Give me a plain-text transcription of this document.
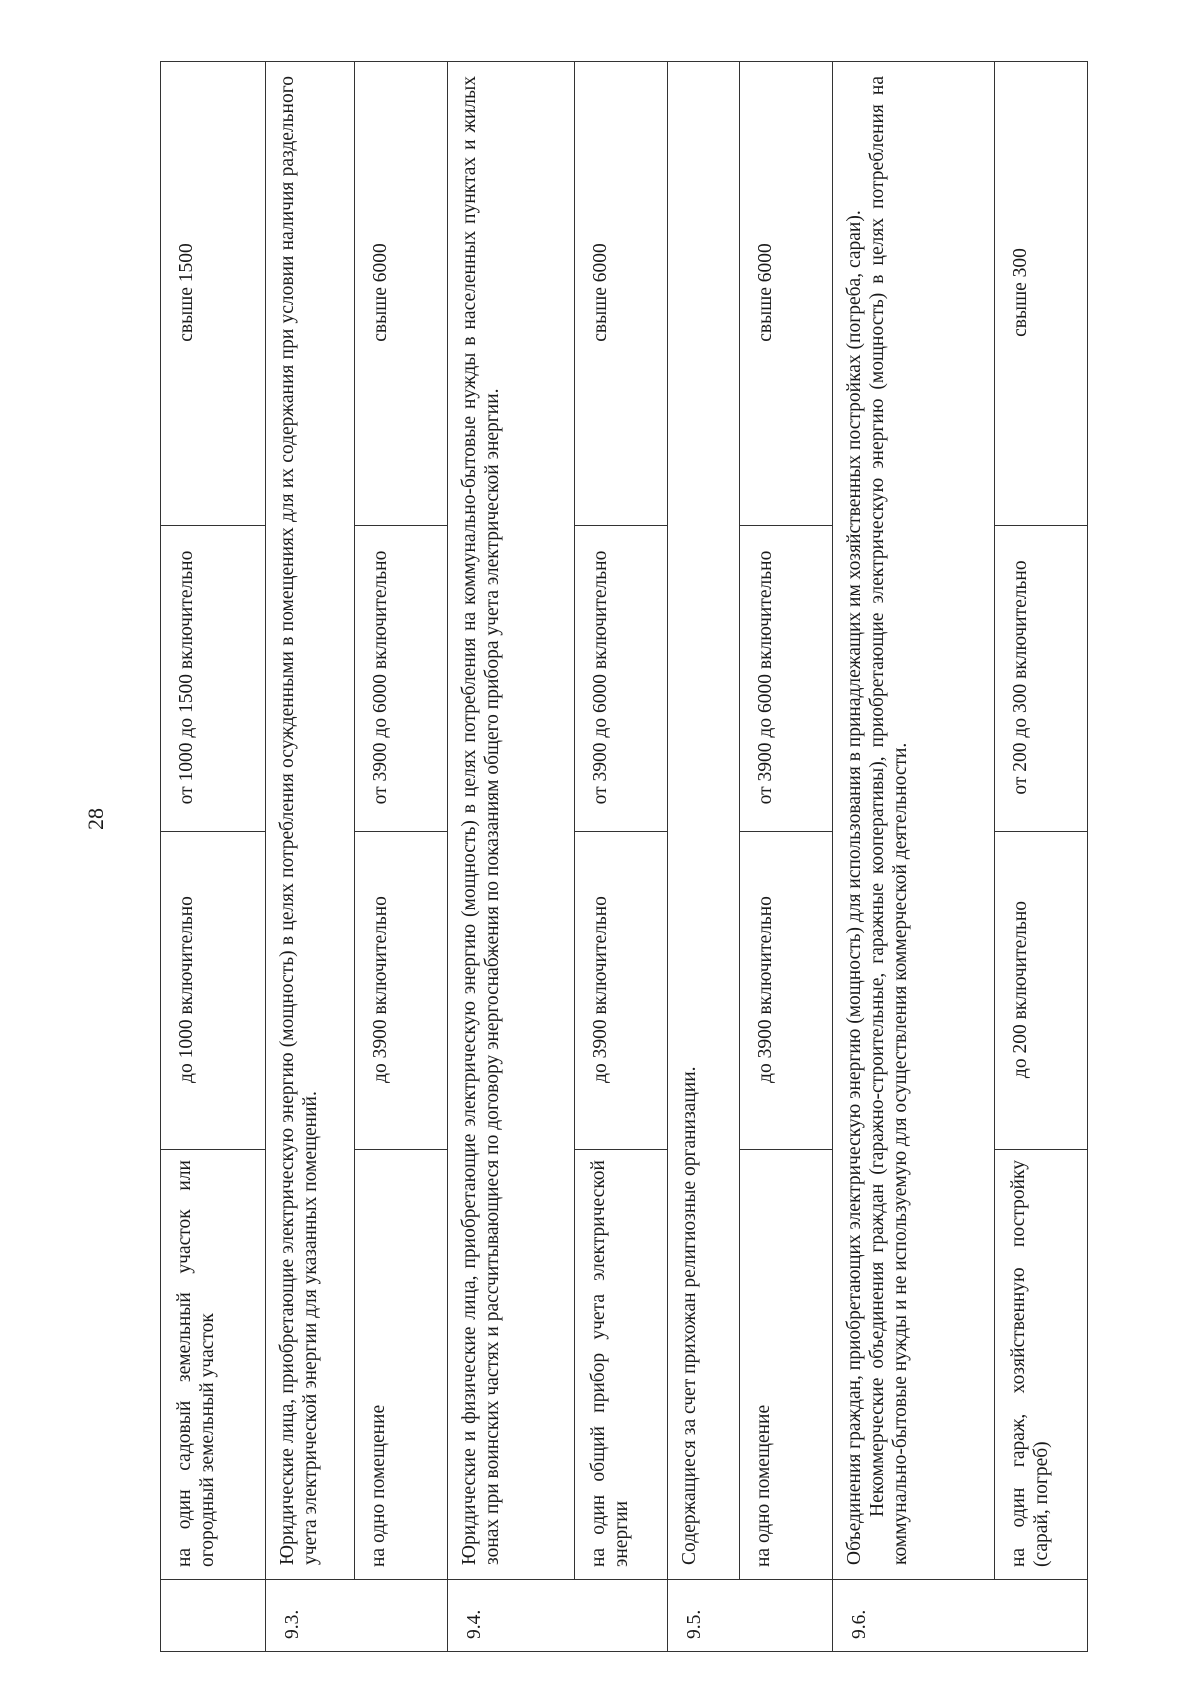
28
	на один садовый земельный участок или огородный земельный участок	до 1000 включительно	от 1000 до 1500 включительно	свыше 1500
9.3.	Юридические лица, приобретающие электрическую энергию (мощность) в целях потребления осужденными в помещениях для их содержания при условии наличия раздельного учета электрической энергии для указанных помещений.			
	на одно помещение	до 3900 включительно	от 3900 до 6000 включительно	свыше 6000
9.4.	Юридические и физические лица, приобретающие электрическую энергию (мощность) в целях потребления на коммунально-бытовые нужды в населенных пунктах и жилых зонах при воинских частях и рассчитывающиеся по договору энергоснабжения по показаниям общего прибора учета электрической энергии.			
	на один общий прибор учета электрической энергии	до 3900 включительно	от 3900 до 6000 включительно	свыше 6000
9.5.	Содержащиеся за счет прихожан религиозные организации.			
	на одно помещение	до 3900 включительно	от 3900 до 6000 включительно	свыше 6000
9.6.	Объединения граждан, приобретающих электрическую энергию (мощность) для использования в принадлежащих им хозяйственных постройках (погреба, сараи). Некоммерческие объединения граждан (гаражно-строительные, гаражные кооперативы), приобретающие электрическую энергию (мощность) в целях потребления на коммунально-бытовые нужды и не используемую для осуществления коммерческой деятельности.			

	на один гараж, хозяйственную постройку (сарай, погреб)	до 200 включительно	от 200 до 300 включительно	свыше 300
